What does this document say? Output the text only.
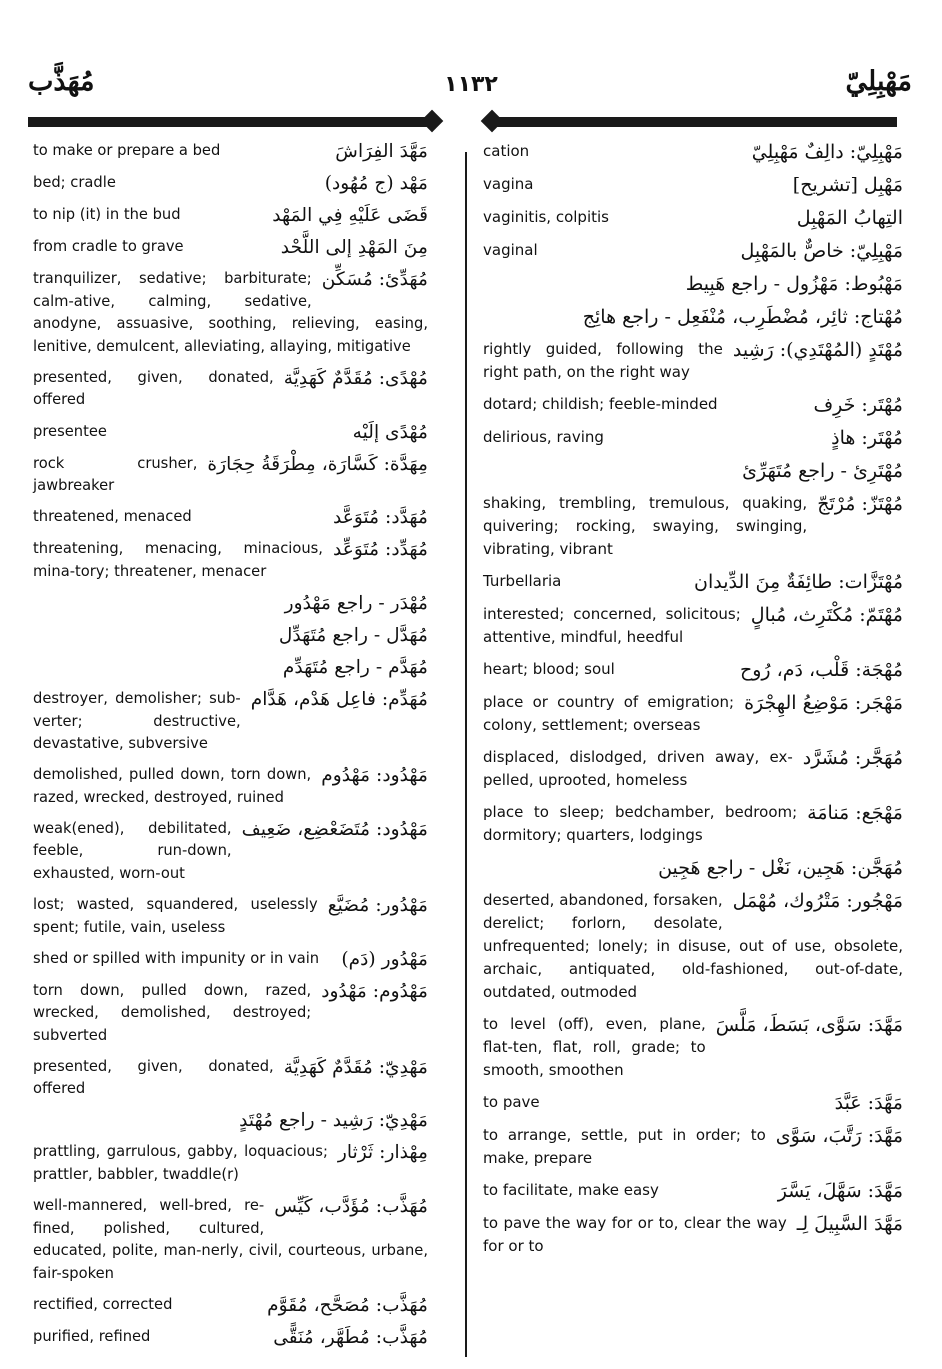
مُهَذَّب	١١٣٢	مَهْبِلِيّ
مَهَّدَ الفِرَاشَ
to make or prepare a bed
مَهْد (ج مُهُود)
bed; cradle
قَضَى عَلَيْهِ فِي المَهْد
to nip (it) in the bud
مِنَ المَهْدِ إلى اللَّحْد
from cradle to grave
مُهَدِّئ: مُسَكِّن
tranquilizer, sedative; barbiturate; calm-ative, calming, sedative, anodyne, assuasive, soothing, relieving, easing, lenitive, demulcent, alleviating, allaying, mitigative
مُهْدًى: مُقَدَّمٌ كَهَدِيَّة
presented, given, donated, offered
مُهْدًى إلَيْه
presentee
مِهَدَّة: كَسَّارَة، مِطْرَقَةُ حِجَارَة
rock crusher, jawbreaker
مُهَدَّد: مُتَوَعَّد
threatened, menaced
مُهَدِّد: مُتَوَعِّد
threatening, menacing, minacious, mina-tory; threatener, menacer
مُهْدَر - راجع مَهْدُور
مُهَدَّل - راجع مُتَهَدِّل
مُهَدَّم - راجع مُتَهَدِّم
مُهَدِّم: فاعِل هَدْم، هَدَّام
destroyer, demolisher; sub-verter; destructive, devastative, subversive
مَهْدُود: مَهْدُوم
demolished, pulled down, torn down, razed, wrecked, destroyed, ruined
مَهْدُود: مُتَضَعْضِع، ضَعِيف
weak(ened), debilitated, feeble, run-down, exhausted, worn-out
مَهْدُور: مُضَيَّع
lost; wasted, squandered, uselessly spent; futile, vain, useless
مَهْدُور (دَم)
shed or spilled with impunity or in vain
مَهْدُوم: مَهْدُود
torn down, pulled down, razed, wrecked, demolished, destroyed; subverted
مَهْدِيّ: مُقَدَّمٌ كَهَدِيَّة
presented, given, donated, offered
مَهْدِيّ: رَشِيد - راجع مُهْتَدٍ
مِهْذار: ثَرْثار
prattling, garrulous, gabby, loquacious; prattler, babbler, twaddle(r)
مُهَذَّب: مُؤَدَّب، كَيِّس
well-mannered, well-bred, re-fined, polished, cultured, educated, polite, man-nerly, civil, courteous, urbane, fair-spoken
مُهَذَّب: مُصَحَّح، مُقَوَّم
rectified, corrected
مُهَذَّب: مُطَهَّر، مُنَقًّى
purified, refined
مَهْبِلِيّ: دالِفٌ مَهْبِلِيّ
cation
مَهْبِل [تشريح]
vagina
التِهابُ المَهْبِل
vaginitis, colpitis
مَهْبِلِيّ: خاصٌّ بالمَهْبِل
vaginal
مَهْبُوط: مَهْزُول - راجع هَبِيط
مُهْتاج: ثائِر، مُضْطَرِب، مُنْفَعِل - راجع هائِج
مُهْتَدٍ (المُهْتَدِي): رَشِيد
rightly guided, following the right path, on the right way
مُهْتَر: خَرِف
dotard; childish; feeble-minded
مُهْتَر: هاذٍ
delirious, raving
مُهْتَرِئ - راجع مُتَهَرِّئ
مُهْتَزّ: مُرْتَجّ
shaking, trembling, tremulous, quaking, quivering; rocking, swaying, swinging, vibrating, vibrant
مُهْتَزَّات: طائِفَةٌ مِنَ الدِّيدان
Turbellaria
مُهْتَمّ: مُكْتَرِث، مُبالٍ
interested; concerned, solicitous; attentive, mindful, heedful
مُهْجَة: قَلْب، دَم، رُوح
heart; blood; soul
مَهْجَر: مَوْضِعُ الهِجْرَة
place or country of emigration; colony, settlement; overseas
مُهَجَّر: مُشَرَّد
displaced, dislodged, driven away, ex-pelled, uprooted, homeless
مَهْجَع: مَنامَة
place to sleep; bedchamber, bedroom; dormitory; quarters, lodgings
مُهَجَّن: هَجِين، نَغْل - راجع هَجِين
مَهْجُور: مَتْرُوك، مُهْمَل
deserted, abandoned, forsaken, derelict; forlorn, desolate, unfrequented; lonely; in disuse, out of use, obsolete, archaic, antiquated, old-fashioned, out-of-date, outdated, outmoded
مَهَّدَ: سَوَّى، بَسَطَ، مَلَّسَ
to level (off), even, plane, flat-ten, flat, roll, grade; to smooth, smoothen
مَهَّدَ: عَبَّدَ
to pave
مَهَّدَ: رَتَّبَ، سَوَّى
to arrange, settle, put in order; to make, prepare
مَهَّدَ: سَهَّلَ، يَسَّرَ
to facilitate, make easy
مَهَّدَ السَّبِيلَ لِـ
to pave the way for or to, clear the way for or to
